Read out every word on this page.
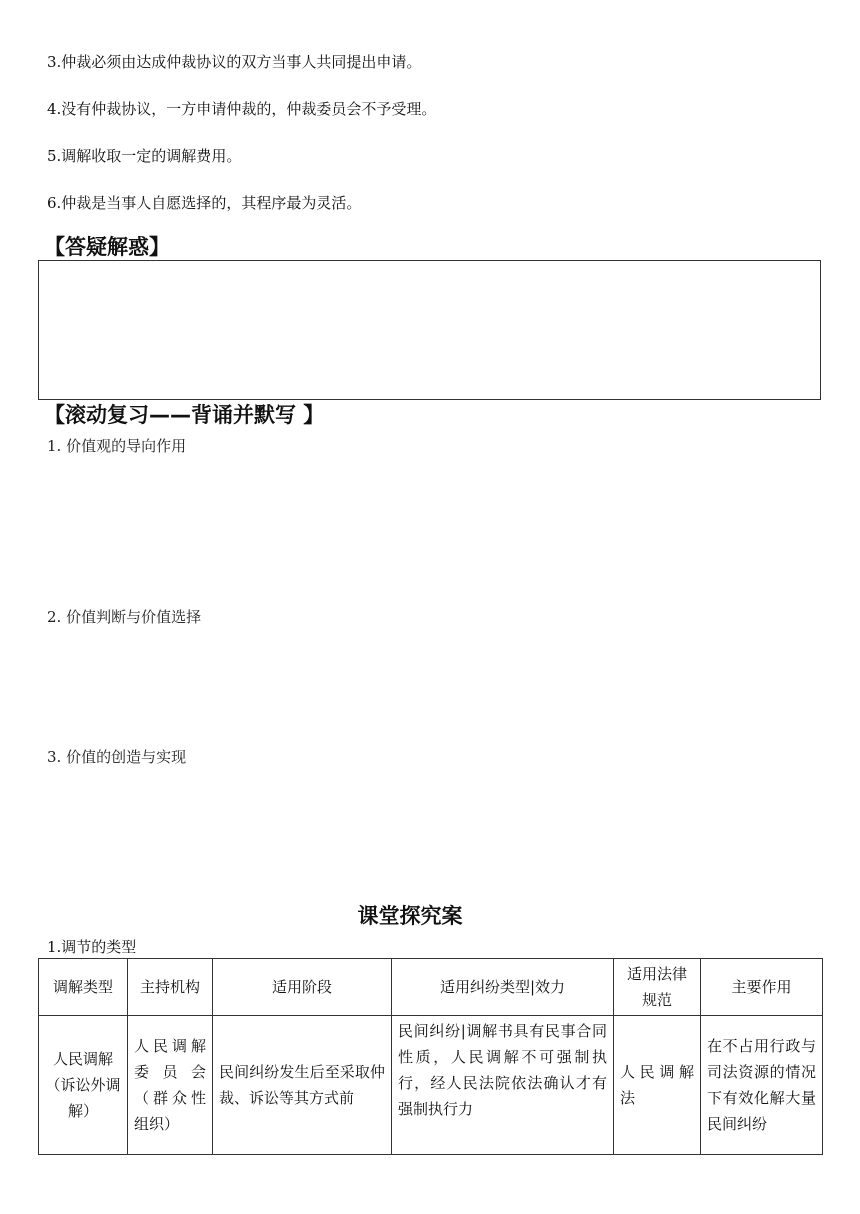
3.仲裁必须由达成仲裁协议的双方当事人共同提出申请。
4.没有仲裁协议，一方申请仲裁的，仲裁委员会不予受理。
5.调解收取一定的调解费用。
6.仲裁是当事人自愿选择的，其程序最为灵活。
【答疑解惑】
【滚动复习——背诵并默写 】
1. 价值观的导向作用
2. 价值判断与价值选择
3. 价值的创造与实现
课堂探究案
1.调节的类型
调解类型	主持机构	适用阶段	适用纠纷类型|效力	适用法律规范	主要作用
人民调解（诉讼外调解）	人民调解委员会（群众性组织）	民间纠纷发生后至采取仲裁、诉讼等其方式前	民间纠纷|调解书具有民事合同性质，人民调解不可强制执行，经人民法院依法确认才有强制执行力	人民调解法	在不占用行政与司法资源的情况下有效化解大量民间纠纷
